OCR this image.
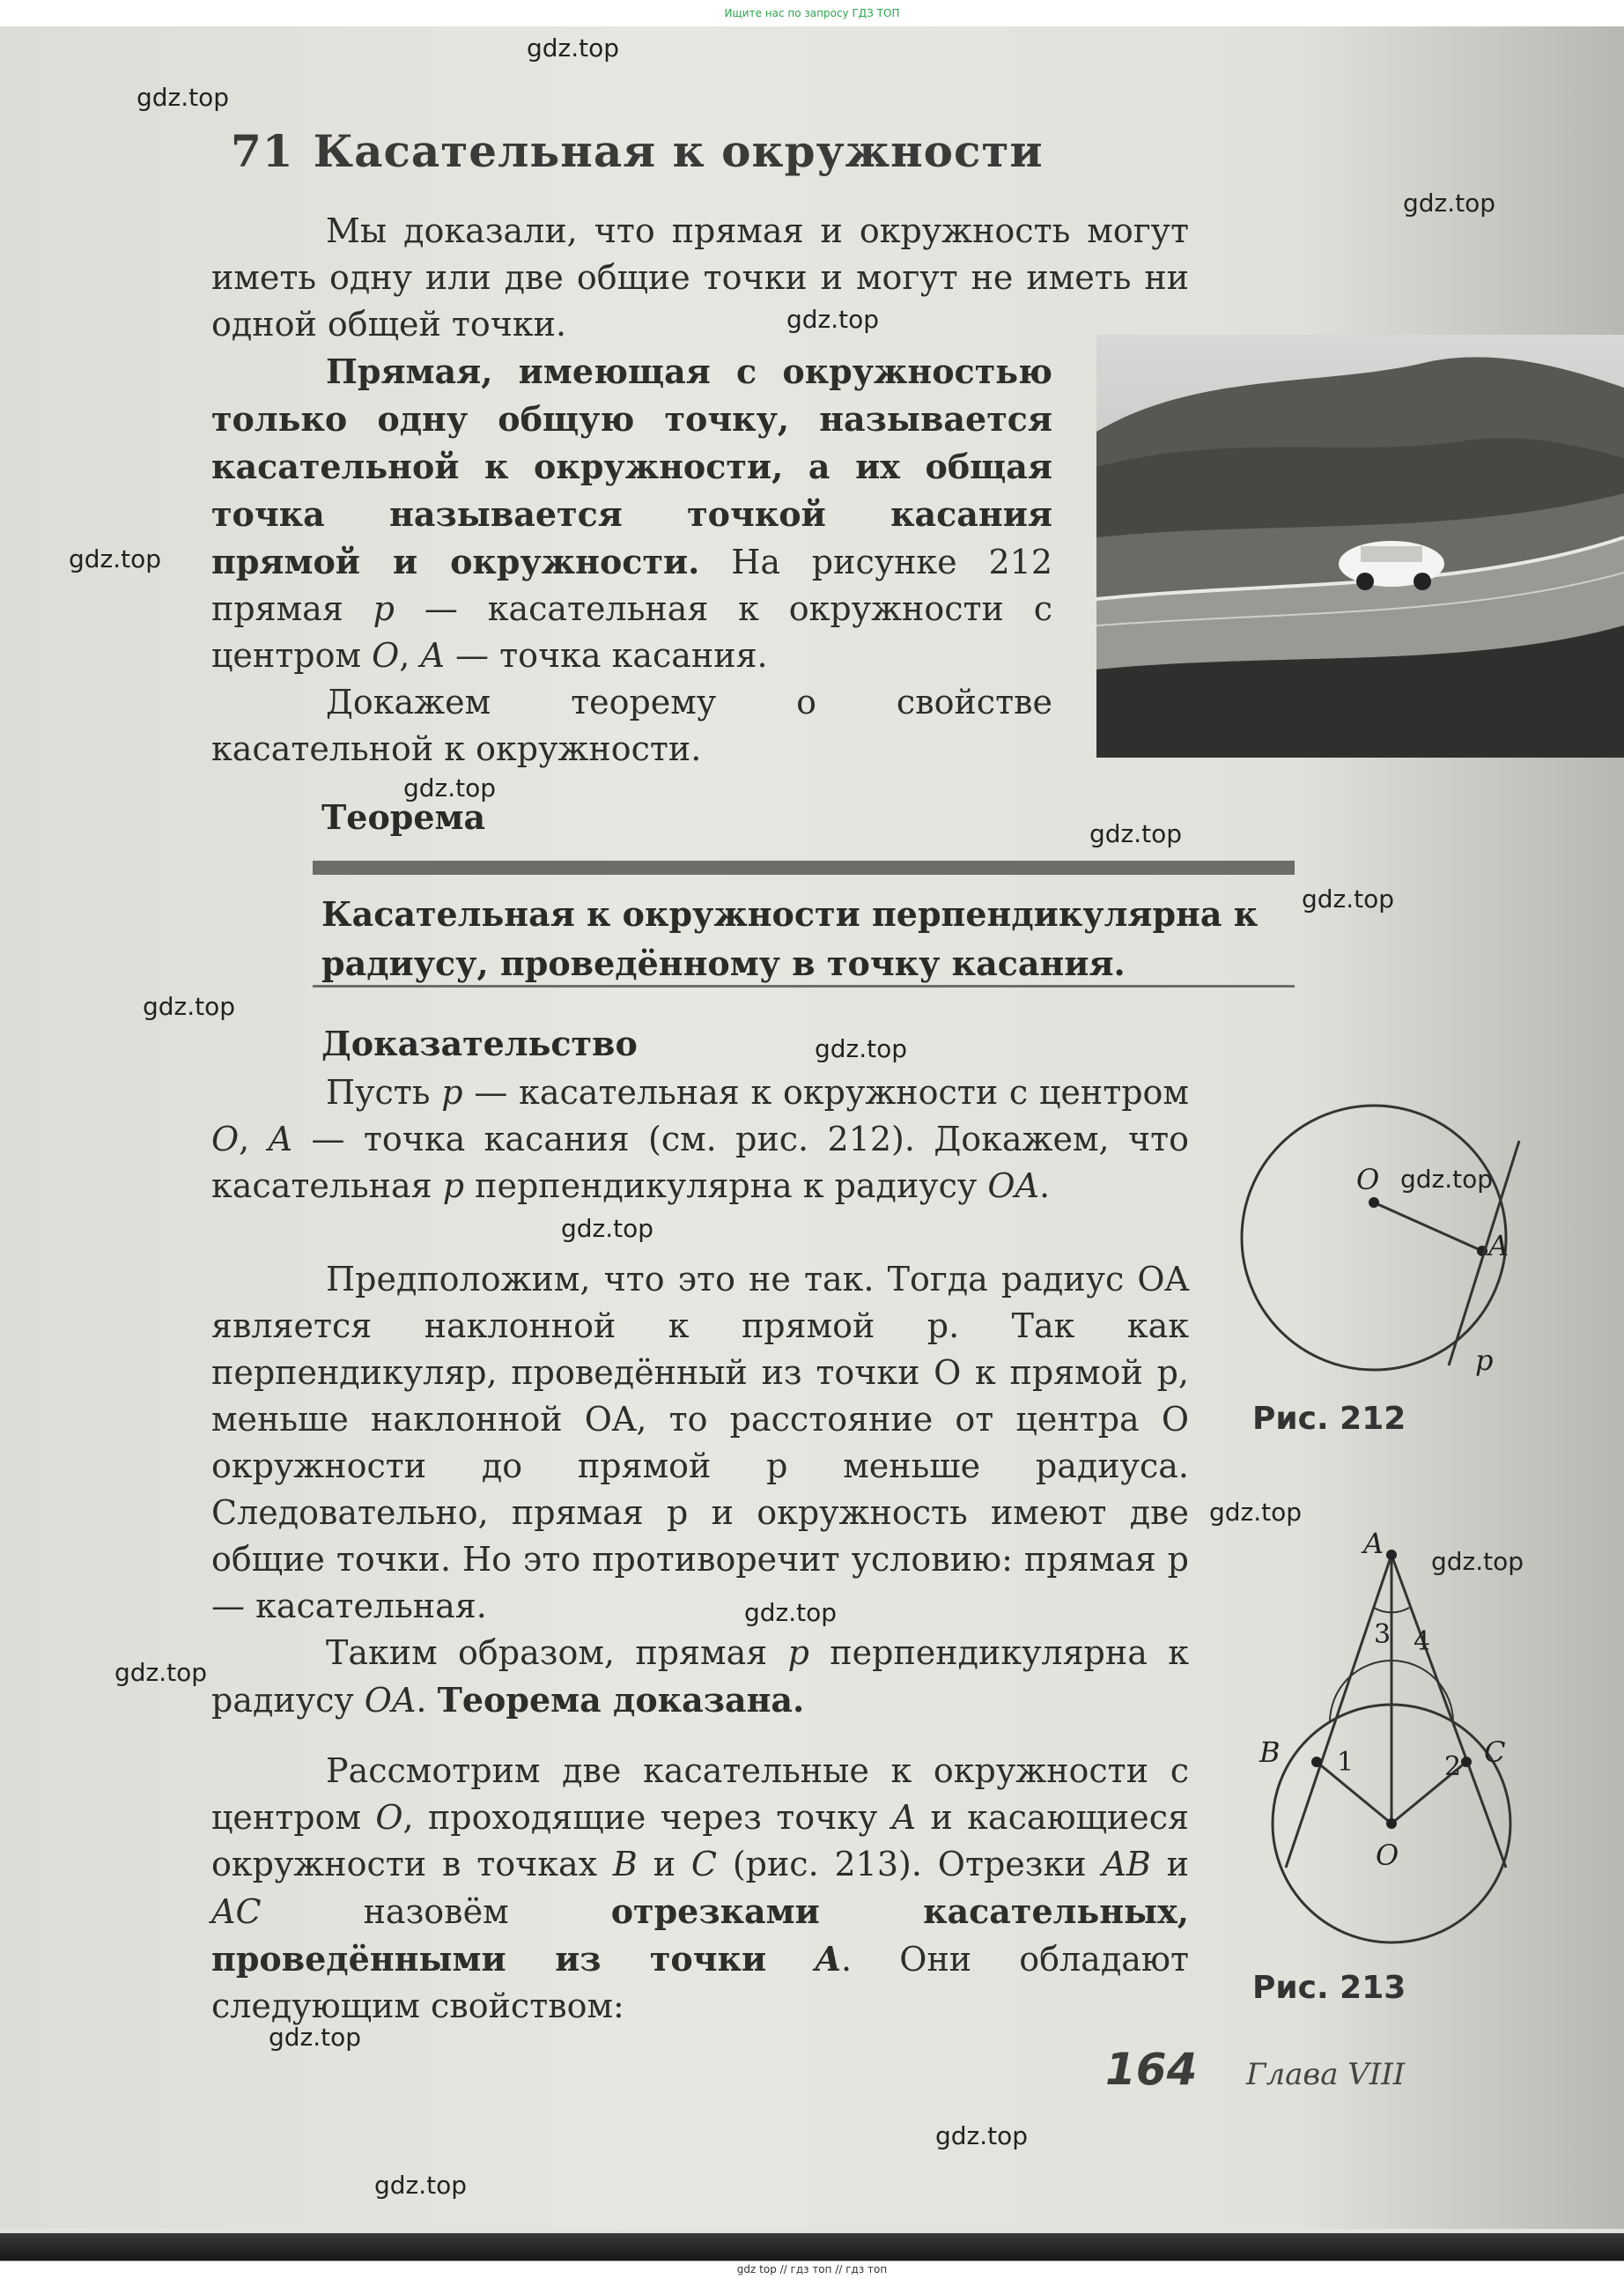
Ищите нас по запросу ГДЗ ТОП
gdz.top
gdz.top
gdz.top
gdz.top
gdz.top
gdz.top
gdz.top
gdz.top
gdz.top
gdz.top
gdz.top
gdz.top
gdz.top
gdz.top
gdz.top
gdz.top
gdz.top
gdz.top
gdz.top
71 Касательная к окружности

Мы доказали, что прямая и окружность могут иметь одну или две общие точки и могут не иметь ни одной общей точки.

Прямая, имеющая с окружностью только одну общую точку, называется касательной к окружности, а их общая точка называется точкой касания прямой и окружности. На рисунке 212 прямая p — касательная к окружности с центром O, A — точка касания.

Докажем теорему о свойстве касательной к окружности.

Теорема
Касательная к окружности перпендикулярна к радиусу, проведённому в точку касания.
Доказательство

Пусть p — касательная к окружности с центром O, A — точка касания (см. рис. 212). Докажем, что касательная p перпендикулярна к радиусу OA.

Предположим, что это не так. Тогда радиус OA является наклонной к прямой p. Так как перпендикуляр, проведённый из точки O к прямой p, меньше наклонной OA, то расстояние от центра O окружности до прямой p меньше радиуса. Следовательно, прямая p и окружность имеют две общие точки. Но это противоречит условию: прямая p — касательная.

Таким образом, прямая p перпендикулярна к радиусу OA. Теорема доказана.

Рассмотрим две касательные к окружности с центром O, проходящие через точку A и касающиеся окружности в точках B и C (рис. 213). Отрезки AB и AC назовём отрезками касательных, проведёнными из точки A. Они обладают следующим свойством:

O
A
p
Рис. 212
A
B	C
O
1	2
3 4
Рис. 213
164 Глава VIII
gdz top // гдз топ // гдз топ
